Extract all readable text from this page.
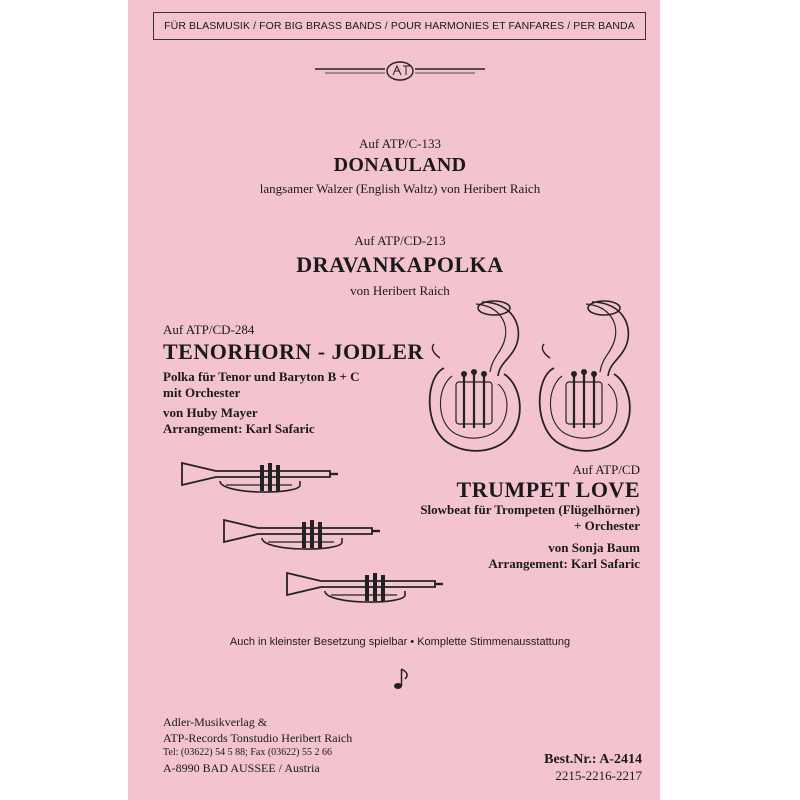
FÜR BLASMUSIK / FOR BIG BRASS BANDS / POUR HARMONIES ET FANFARES / PER BANDA
Auf ATP/C-133
DONAULAND
langsamer Walzer (English Waltz) von Heribert Raich
Auf ATP/CD-213
DRAVANKAPOLKA
von Heribert Raich
Auf ATP/CD-284
TENORHORN - JODLER
Polka für Tenor und Baryton B + C
mit Orchester
von Huby Mayer
Arrangement: Karl Safaric
Auf ATP/CD
TRUMPET LOVE
Slowbeat für Trompeten (Flügelhörner)
+ Orchester
von Sonja Baum
Arrangement: Karl Safaric
Auch in kleinster Besetzung spielbar • Komplette Stimmenausstattung
Adler-Musikverlag &
ATP-Records Tonstudio Heribert Raich
Tel: (03622) 54 5 88; Fax (03622) 55 2 66
A-8990 BAD AUSSEE / Austria
Best.Nr.: A-2414
2215-2216-2217
